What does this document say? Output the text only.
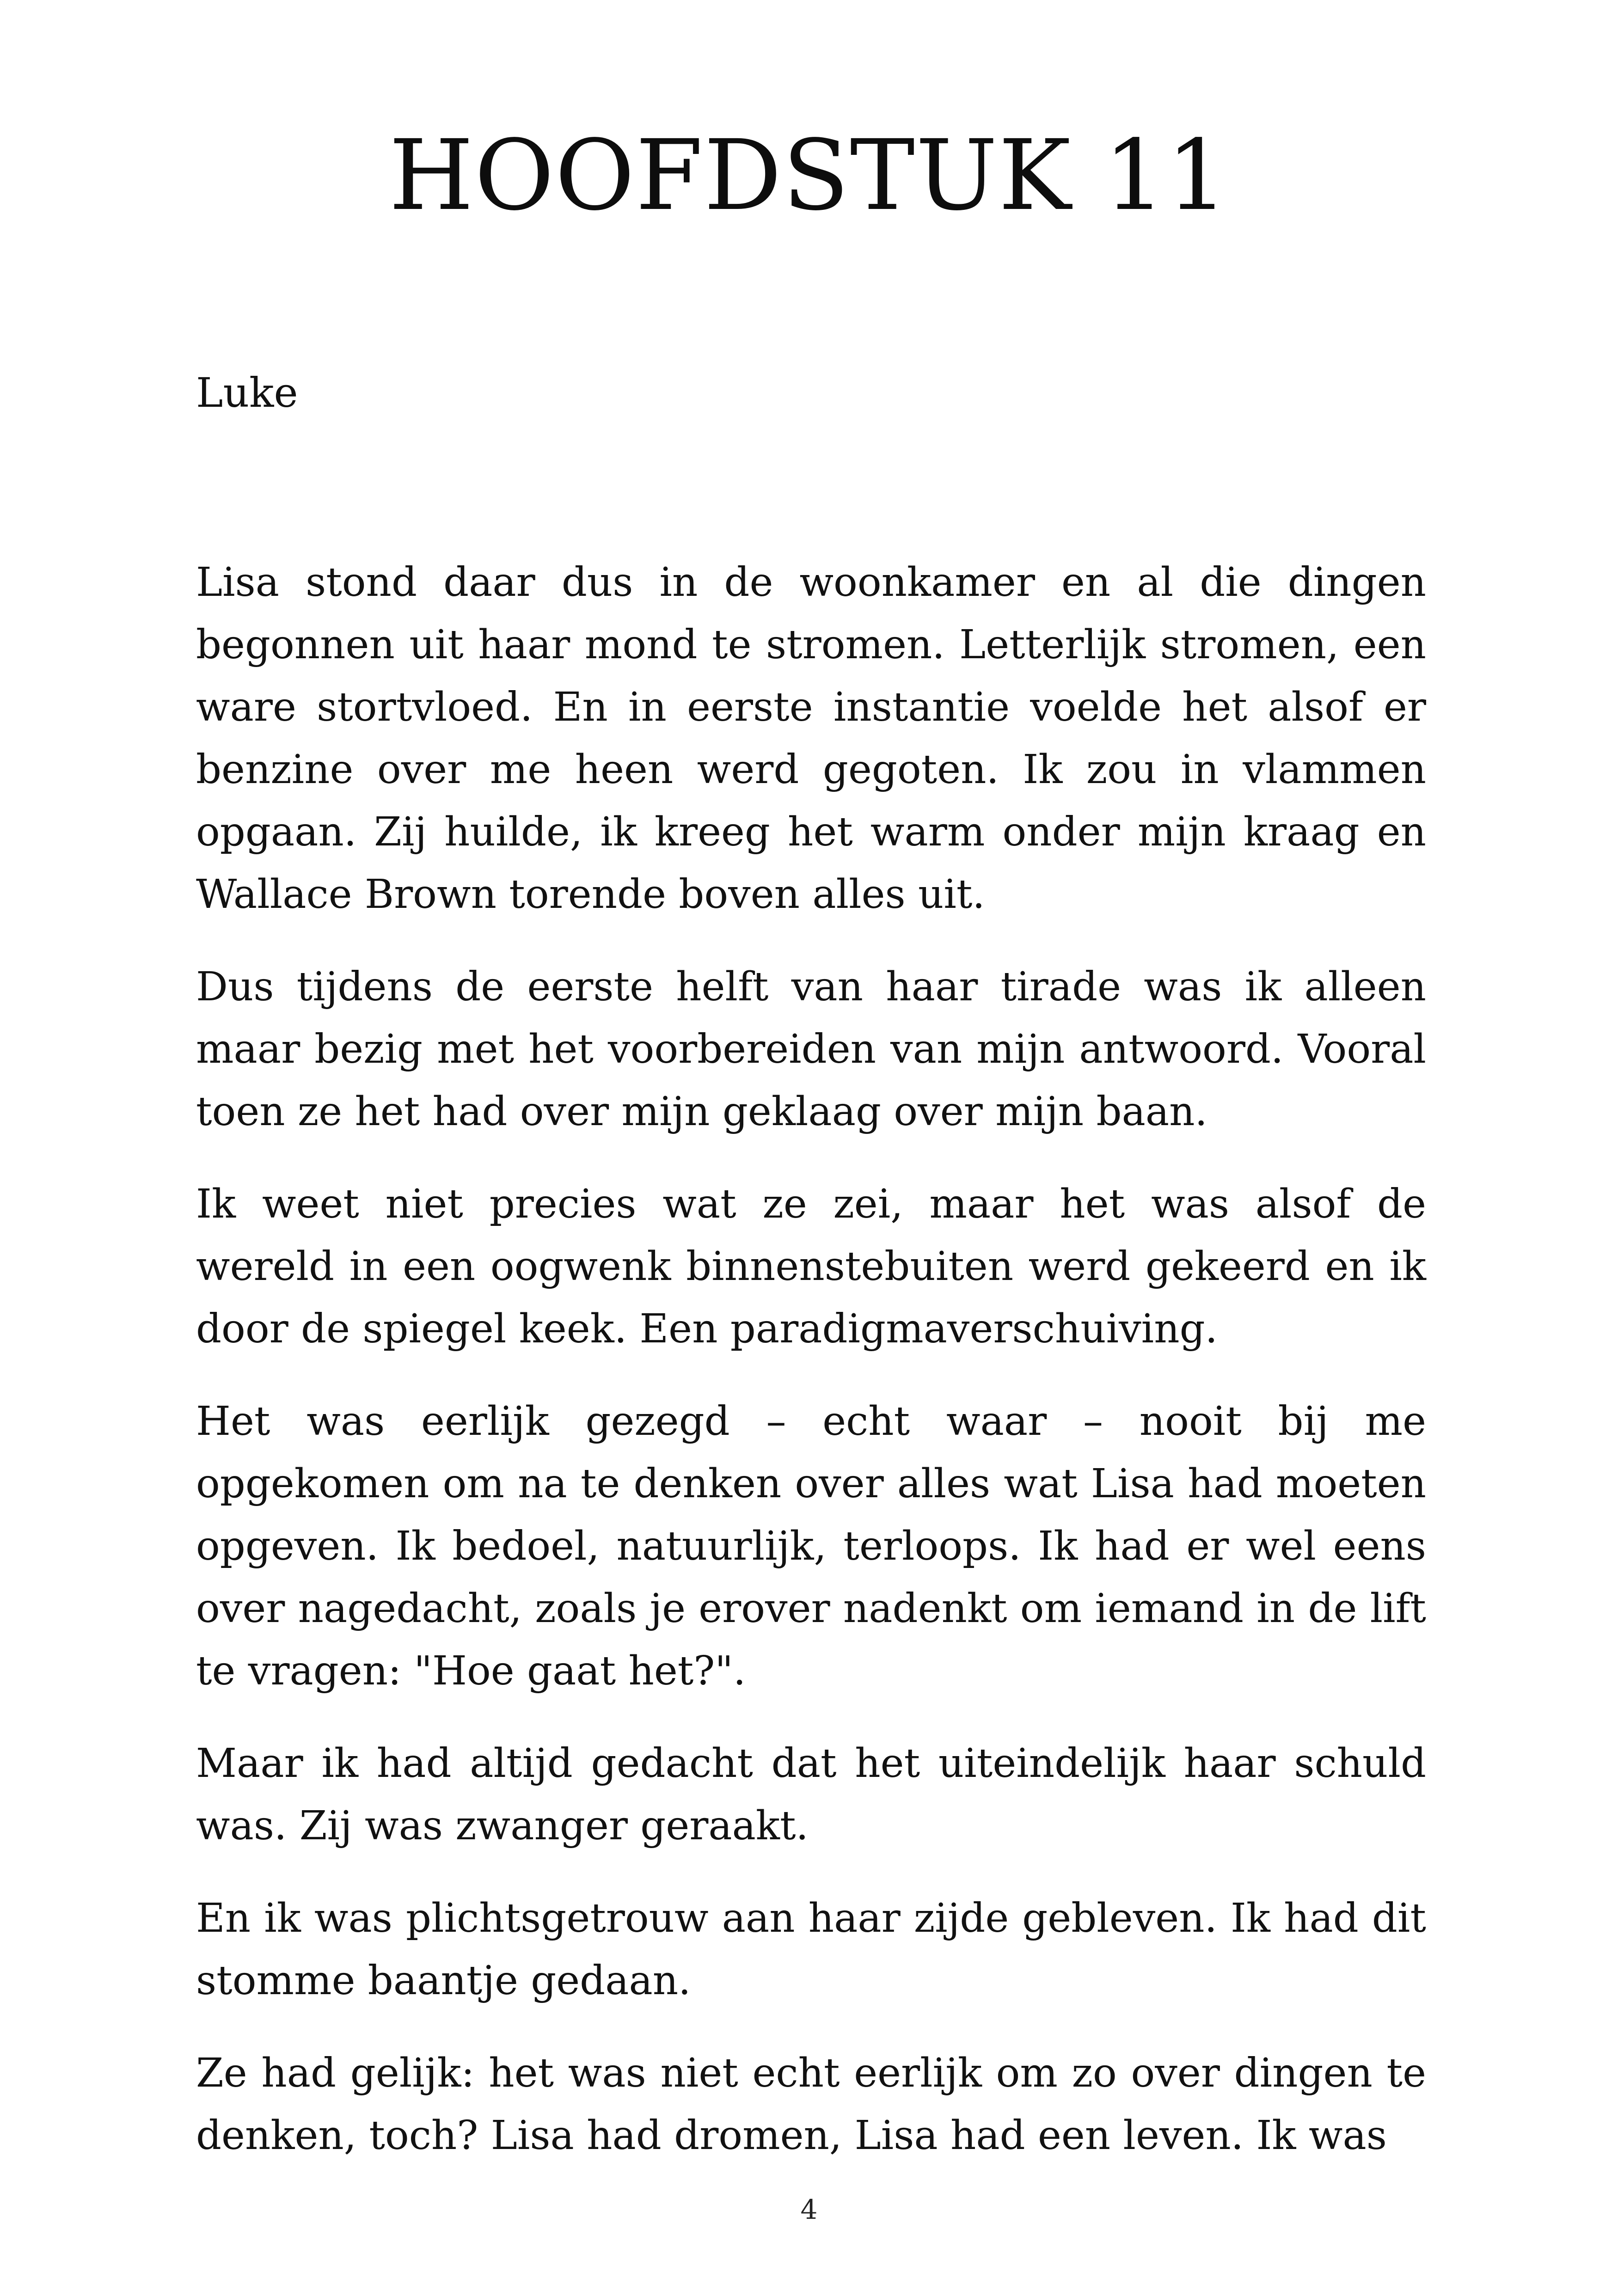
HOOFDSTUK 11

Luke

Lisa stond daar dus in de woonkamer en al die dingen begonnen uit haar mond te stromen. Letterlijk stromen, een ware stortvloed. En in eerste instantie voelde het alsof er benzine over me heen werd gegoten. Ik zou in vlammen opgaan. Zij huilde, ik kreeg het warm onder mijn kraag en Wallace Brown torende boven alles uit.

Dus tijdens de eerste helft van haar tirade was ik alleen maar bezig met het voorbereiden van mijn antwoord. Vooral toen ze het had over mijn geklaag over mijn baan.

Ik weet niet precies wat ze zei, maar het was alsof de wereld in een oogwenk binnenstebuiten werd gekeerd en ik door de spiegel keek. Een paradigmaverschuiving.

Het was eerlijk gezegd – echt waar – nooit bij me opgekomen om na te denken over alles wat Lisa had moeten opgeven. Ik bedoel, natuurlijk, terloops. Ik had er wel eens over nagedacht, zoals je erover nadenkt om iemand in de lift te vragen: "Hoe gaat het?".

Maar ik had altijd gedacht dat het uiteindelijk haar schuld was. Zij was zwanger geraakt.

En ik was plichtsgetrouw aan haar zijde gebleven. Ik had dit stomme baantje gedaan.

Ze had gelijk: het was niet echt eerlijk om zo over dingen te denken, toch? Lisa had dromen, Lisa had een leven. Ik was

4
